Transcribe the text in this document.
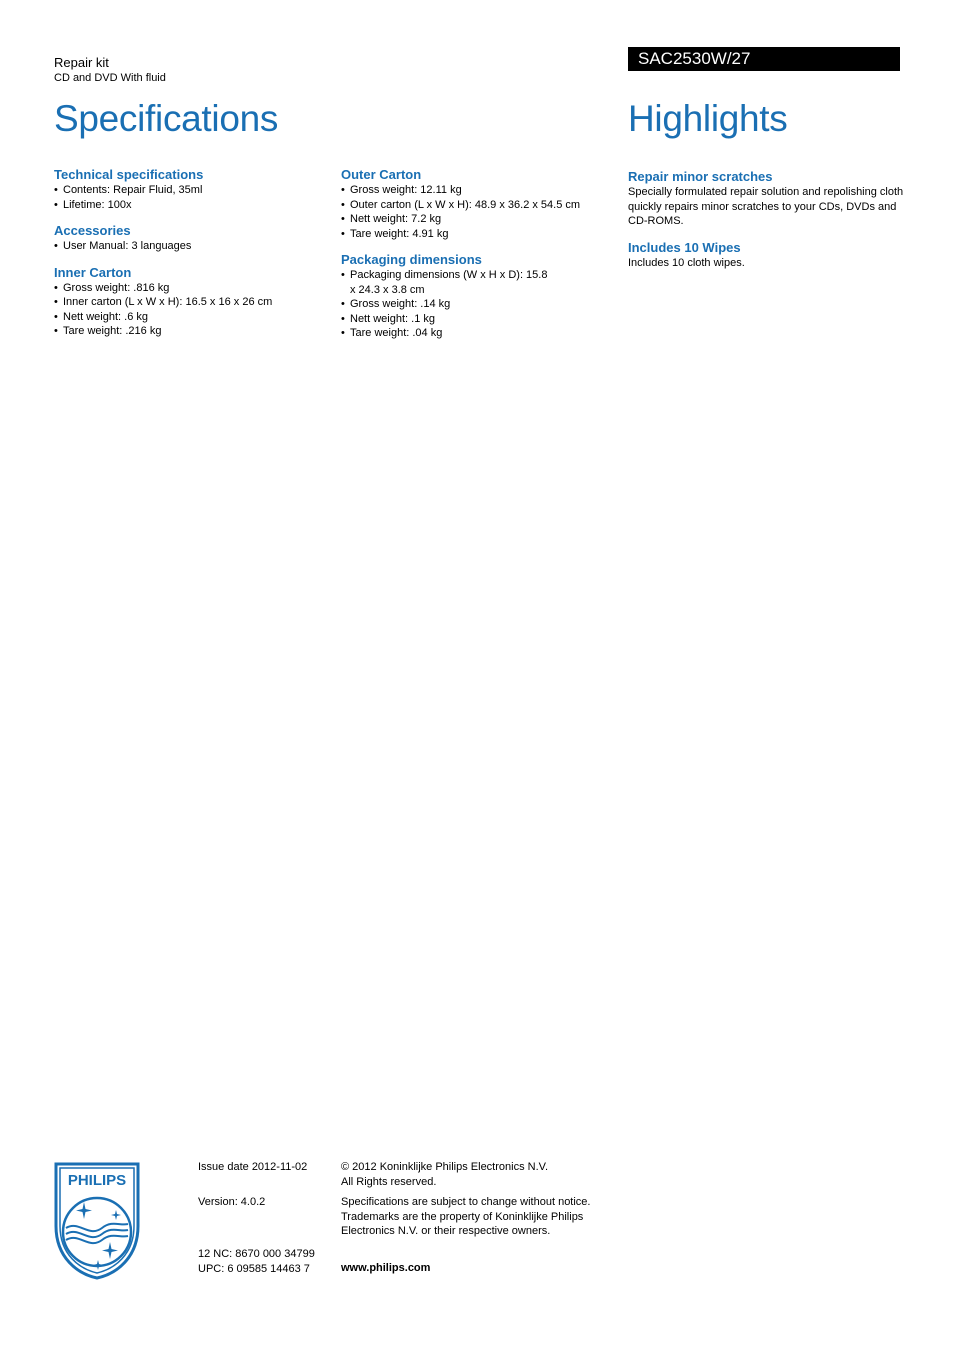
Repair kit
CD and DVD With fluid
Specifications
SAC2530W/27
Highlights
Technical specifications
• Contents: Repair Fluid, 35ml
• Lifetime: 100x
Accessories
• User Manual: 3 languages
Inner Carton
• Gross weight: .816 kg
• Inner carton (L x W x H): 16.5 x 16 x 26 cm
• Nett weight: .6 kg
• Tare weight: .216 kg
Outer Carton
• Gross weight: 12.11 kg
• Outer carton (L x W x H): 48.9 x 36.2 x 54.5 cm
• Nett weight: 7.2 kg
• Tare weight: 4.91 kg
Packaging dimensions
• Packaging dimensions (W x H x D): 15.8 x 24.3 x 3.8 cm
• Gross weight: .14 kg
• Nett weight: .1 kg
• Tare weight: .04 kg
Repair minor scratches

Specially formulated repair solution and repolishing cloth quickly repairs minor scratches to your CDs, DVDs and CD-ROMS.

Includes 10 Wipes

Includes 10 cloth wipes.

PHILIPS
Issue date 2012-11-02
Version: 4.0.2
12 NC: 8670 000 34799
UPC: 6 09585 14463 7
© 2012 Koninklijke Philips Electronics N.V.
All Rights reserved.
Specifications are subject to change without notice.
Trademarks are the property of Koninklijke Philips
Electronics N.V. or their respective owners.
www.philips.com
